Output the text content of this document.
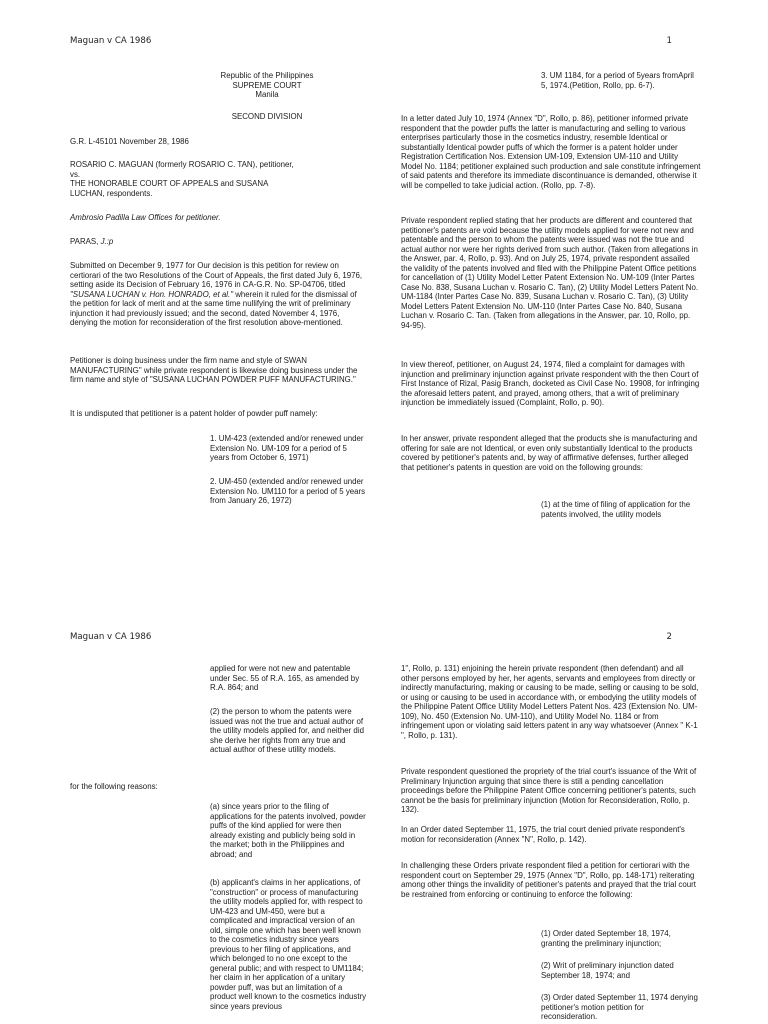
Maguan v CA 1986	1
Republic of the Philippines
SUPREME COURT
Manila
SECOND DIVISION
G.R. L-45101 November 28, 1986
ROSARIO C. MAGUAN (formerly ROSARIO C. TAN), petitioner,
vs.
THE HONORABLE COURT OF APPEALS and SUSANA
LUCHAN, respondents.
Ambrosio Padilla Law Offices for petitioner.
PARAS, J.:p

Submitted on December 9, 1977 for Our decision is this petition for review on certiorari of the two Resolutions of the Court of Appeals, the first dated July 6, 1976, setting aside its Decision of February 16, 1976 in CA-G.R. No. SP-04706, titled "SUSANA LUCHAN v. Hon. HONRADO, et al." wherein it ruled for the dismissal of the petition for lack of merit and at the same time nullifying the writ of preliminary injunction it had previously issued; and the second, dated November 4, 1976, denying the motion for reconsideration of the first resolution above-mentioned.

Petitioner is doing business under the firm name and style of SWAN MANUFACTURING" while private respondent is likewise doing business under the firm name and style of "SUSANA LUCHAN POWDER PUFF MANUFACTURING."

It is undisputed that petitioner is a patent holder of powder puff namely:

1. UM-423 (extended and/or renewed under Extension No. UM-109 for a period of 5 years from October 6, 1971)

2. UM-450 (extended and/or renewed under Extension No. UM110 for a period of 5 years from January 26, 1972)

3. UM 1184, for a period of 5years fromApril 5, 1974.(Petition, Rollo, pp. 6-7).

In a letter dated July 10, 1974 (Annex "D", Rollo, p. 86), petitioner informed private respondent that the powder puffs the latter is manufacturing and selling to various enterprises particularly those in the cosmetics industry, resemble Identical or substantially Identical powder puffs of which the former is a patent holder under Registration Certification Nos. Extension UM-109, Extension UM-110 and Utility Model No. 1184; petitioner explained such production and sale constitute infringement of said patents and therefore its immediate discontinuance is demanded, otherwise it will be compelled to take judicial action. (Rollo, pp. 7-8).

Private respondent replied stating that her products are different and countered that petitioner's patents are void because the utility models applied for were not new and patentable and the person to whom the patents were issued was not the true and actual author nor were her rights derived from such author. (Taken from allegations in the Answer, par. 4, Rollo, p. 93). And on July 25, 1974, private respondent assailed the validity of the patents involved and filed with the Philippine Patent Office petitions for cancellation of (1) Utility Model Letter Patent Extension No. UM-109 (Inter Partes Case No. 838, Susana Luchan v. Rosario C. Tan), (2) Utility Model Letters Patent No. UM-1184 (Inter Partes Case No. 839, Susana Luchan v. Rosario C. Tan), (3) Utility Model Letters Patent Extension No. UM-110 (Inter Partes Case No. 840, Susana Luchan v. Rosario C. Tan. (Taken from allegations in the Answer, par. 10, Rollo, pp. 94-95).

In view thereof, petitioner, on August 24, 1974, filed a complaint for damages with injunction and preliminary injunction against private respondent with the then Court of First Instance of Rizal, Pasig Branch, docketed as Civil Case No. 19908, for infringing the aforesaid letters patent, and prayed, among others, that a writ of preliminary injunction be immediately issued (Complaint, Rollo, p. 90).

In her answer, private respondent alleged that the products she is manufacturing and offering for sale are not Identical, or even only substantially Identical to the products covered by petitioner's patents and, by way of affirmative defenses, further alleged that petitioner's patents in question are void on the following grounds:

(1) at the time of filing of application for the patents involved, the utility models

Maguan v CA 1986	2

applied for were not new and patentable under Sec. 55 of R.A. 165, as amended by R.A. 864; and

(2) the person to whom the patents were issued was not the true and actual author of the utility models applied for, and neither did she derive her rights from any true and actual author of these utility models.

for the following reasons:

(a) since years prior to the filing of applications for the patents involved, powder puffs of the kind applied for were then already existing and publicly being sold in the market; both in the Philippines and abroad; and

(b) applicant's claims in her applications, of "construction" or process of manufacturing the utility models applied for, with respect to UM-423 and UM-450, were but a complicated and impractical version of an old, simple one which has been well known to the cosmetics industry since years previous to her filing of applications, and which belonged to no one except to the general public; and with respect to UM1184; her claim in her application of a unitary powder puff, was but an limitation of a product well known to the cosmetics industry since years previous

1", Rollo, p. 131) enjoining the herein private respondent (then defendant) and all other persons employed by her, her agents, servants and employees from directly or indirectly manufacturing, making or causing to be made, selling or causing to be sold, or using or causing to be used in accordance with, or embodying the utility models of the Philippine Patent Office Utility Model Letters Patent Nos. 423 (Extension No. UM-109), No. 450 (Extension No. UM-110), and Utility Model No. 1184 or from infringement upon or violating said letters patent in any way whatsoever (Annex " K-1 ", Rollo, p. 131).

Private respondent questioned the propriety of the trial court's issuance of the Writ of Preliminary Injunction arguing that since there is still a pending cancellation proceedings before the Philippine Patent Office concerning petitioner's patents, such cannot be the basis for preliminary injunction (Motion for Reconsideration, Rollo, p. 132).

In an Order dated September 11, 1975, the trial court denied private respondent's motion for reconsideration (Annex "N", Rollo, p. 142).

In challenging these Orders private respondent filed a petition for certiorari with the respondent court on September 29, 1975 (Annex "D", Rollo, pp. 148-171) reiterating among other things the invalidity of petitioner's patents and prayed that the trial court be restrained from enforcing or continuing to enforce the following:

(1) Order dated September 18, 1974, granting the preliminary injunction;

(2) Writ of preliminary injunction dated September 18, 1974; and

(3) Order dated September 11, 1974 denying petitioner's motion petition for reconsideration.
